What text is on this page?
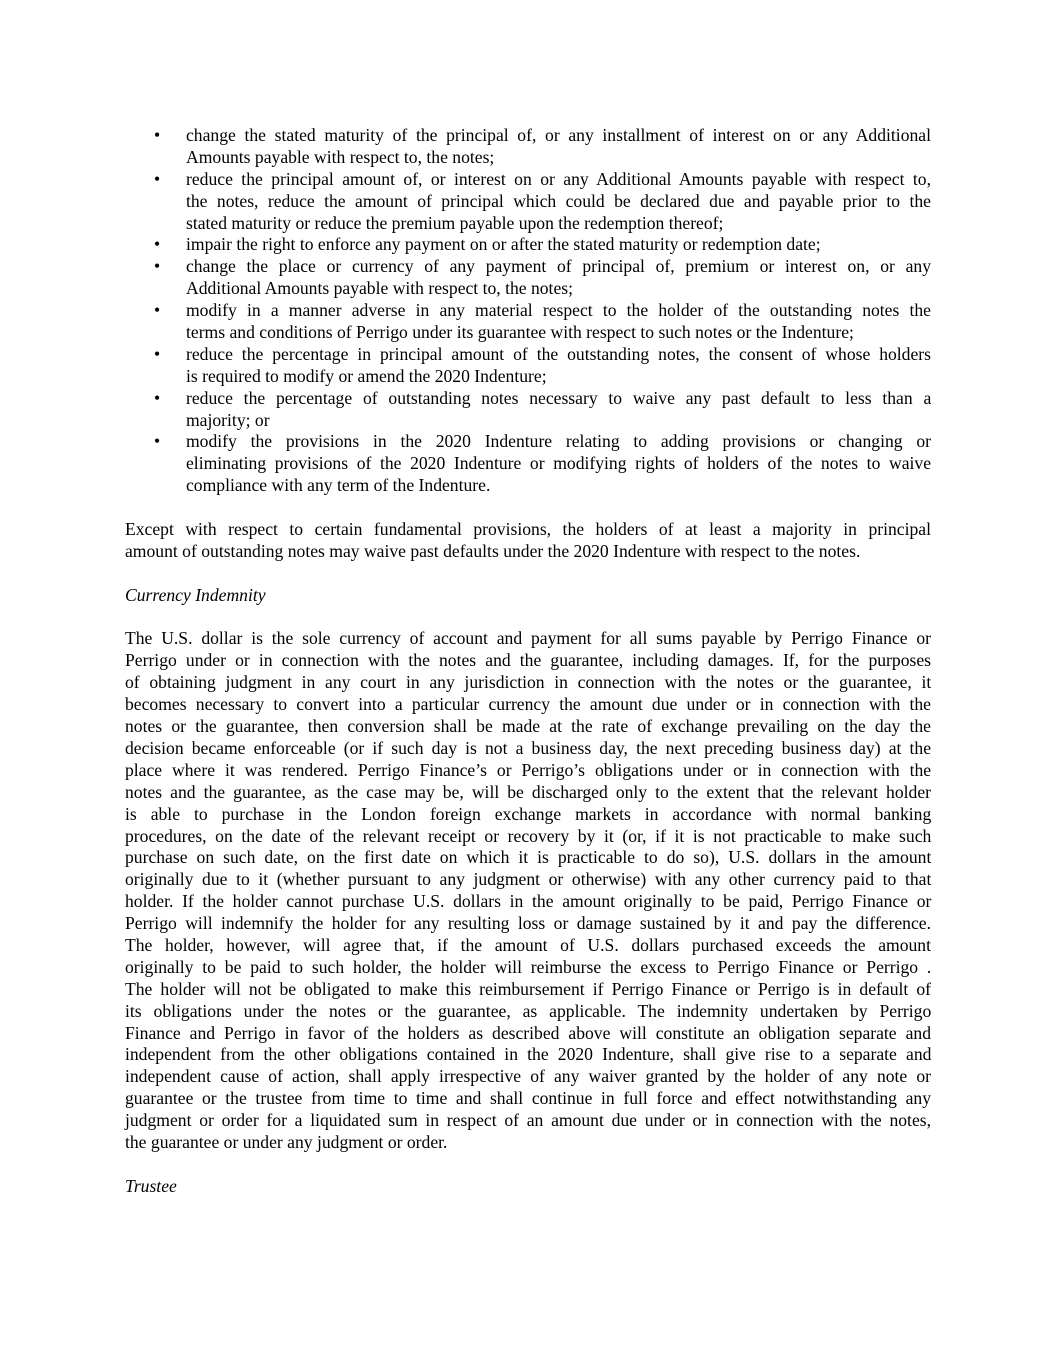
• change the stated maturity of the principal of, or any installment of interest on or any Additional
Amounts payable with respect to, the notes;
• reduce the principal amount of, or interest on or any Additional Amounts payable with respect to,
the notes, reduce the amount of principal which could be declared due and payable prior to the
stated maturity or reduce the premium payable upon the redemption thereof;
• impair the right to enforce any payment on or after the stated maturity or redemption date;
• change the place or currency of any payment of principal of, premium or interest on, or any
Additional Amounts payable with respect to, the notes;
• modify in a manner adverse in any material respect to the holder of the outstanding notes the
terms and conditions of Perrigo under its guarantee with respect to such notes or the Indenture;
• reduce the percentage in principal amount of the outstanding notes, the consent of whose holders
is required to modify or amend the 2020 Indenture;
• reduce the percentage of outstanding notes necessary to waive any past default to less than a
majority; or
• modify the provisions in the 2020 Indenture relating to adding provisions or changing or
eliminating provisions of the 2020 Indenture or modifying rights of holders of the notes to waive
compliance with any term of the Indenture.
Except with respect to certain fundamental provisions, the holders of at least a majority in principal
amount of outstanding notes may waive past defaults under the 2020 Indenture with respect to the notes.
Currency Indemnity
The U.S. dollar is the sole currency of account and payment for all sums payable by Perrigo Finance or
Perrigo under or in connection with the notes and the guarantee, including damages. If, for the purposes
of obtaining judgment in any court in any jurisdiction in connection with the notes or the guarantee, it
becomes necessary to convert into a particular currency the amount due under or in connection with the
notes or the guarantee, then conversion shall be made at the rate of exchange prevailing on the day the
decision became enforceable (or if such day is not a business day, the next preceding business day) at the
place where it was rendered. Perrigo Finance’s or Perrigo’s obligations under or in connection with the
notes and the guarantee, as the case may be, will be discharged only to the extent that the relevant holder
is able to purchase in the London foreign exchange markets in accordance with normal banking
procedures, on the date of the relevant receipt or recovery by it (or, if it is not practicable to make such
purchase on such date, on the first date on which it is practicable to do so), U.S. dollars in the amount
originally due to it (whether pursuant to any judgment or otherwise) with any other currency paid to that
holder. If the holder cannot purchase U.S. dollars in the amount originally to be paid, Perrigo Finance or
Perrigo will indemnify the holder for any resulting loss or damage sustained by it and pay the difference.
The holder, however, will agree that, if the amount of U.S. dollars purchased exceeds the amount
originally to be paid to such holder, the holder will reimburse the excess to Perrigo Finance or Perrigo .
The holder will not be obligated to make this reimbursement if Perrigo Finance or Perrigo is in default of
its obligations under the notes or the guarantee, as applicable. The indemnity undertaken by Perrigo
Finance and Perrigo in favor of the holders as described above will constitute an obligation separate and
independent from the other obligations contained in the 2020 Indenture, shall give rise to a separate and
independent cause of action, shall apply irrespective of any waiver granted by the holder of any note or
guarantee or the trustee from time to time and shall continue in full force and effect notwithstanding any
judgment or order for a liquidated sum in respect of an amount due under or in connection with the notes,
the guarantee or under any judgment or order.
Trustee
